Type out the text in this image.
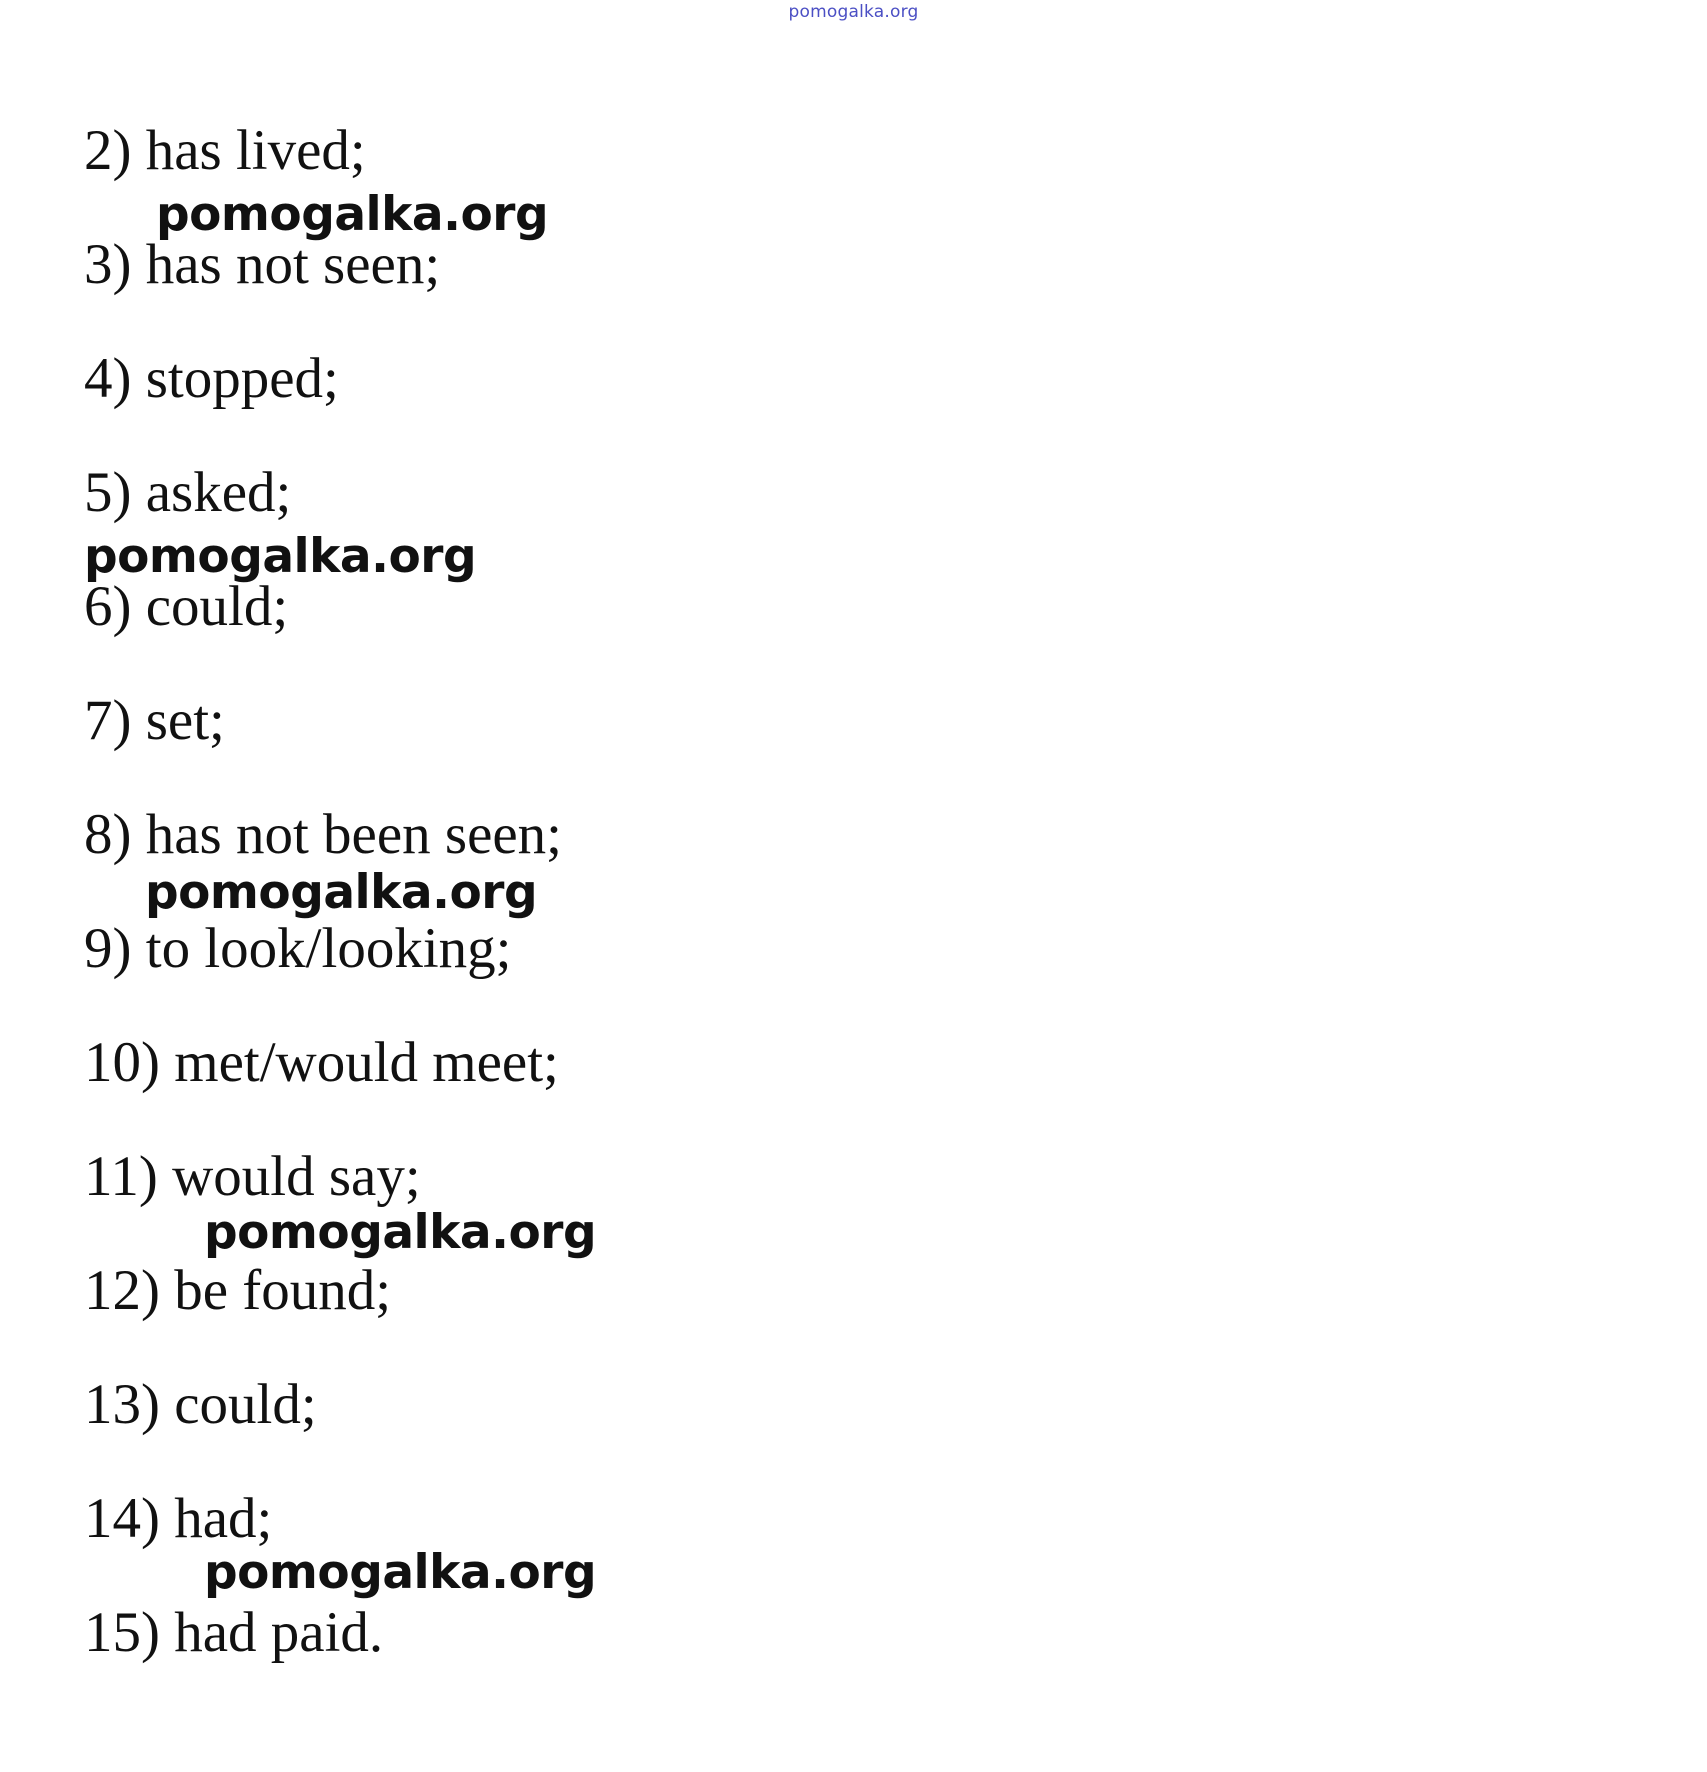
pomogalka.org
2) has lived;
3) has not seen;
4) stopped;
5) asked;
6) could;
7) set;
8) has not been seen;
9) to look/looking;
10) met/would meet;
11) would say;
12) be found;
13) could;
14) had;
15) had paid.
pomogalka.org
pomogalka.org
pomogalka.org
pomogalka.org
pomogalka.org
